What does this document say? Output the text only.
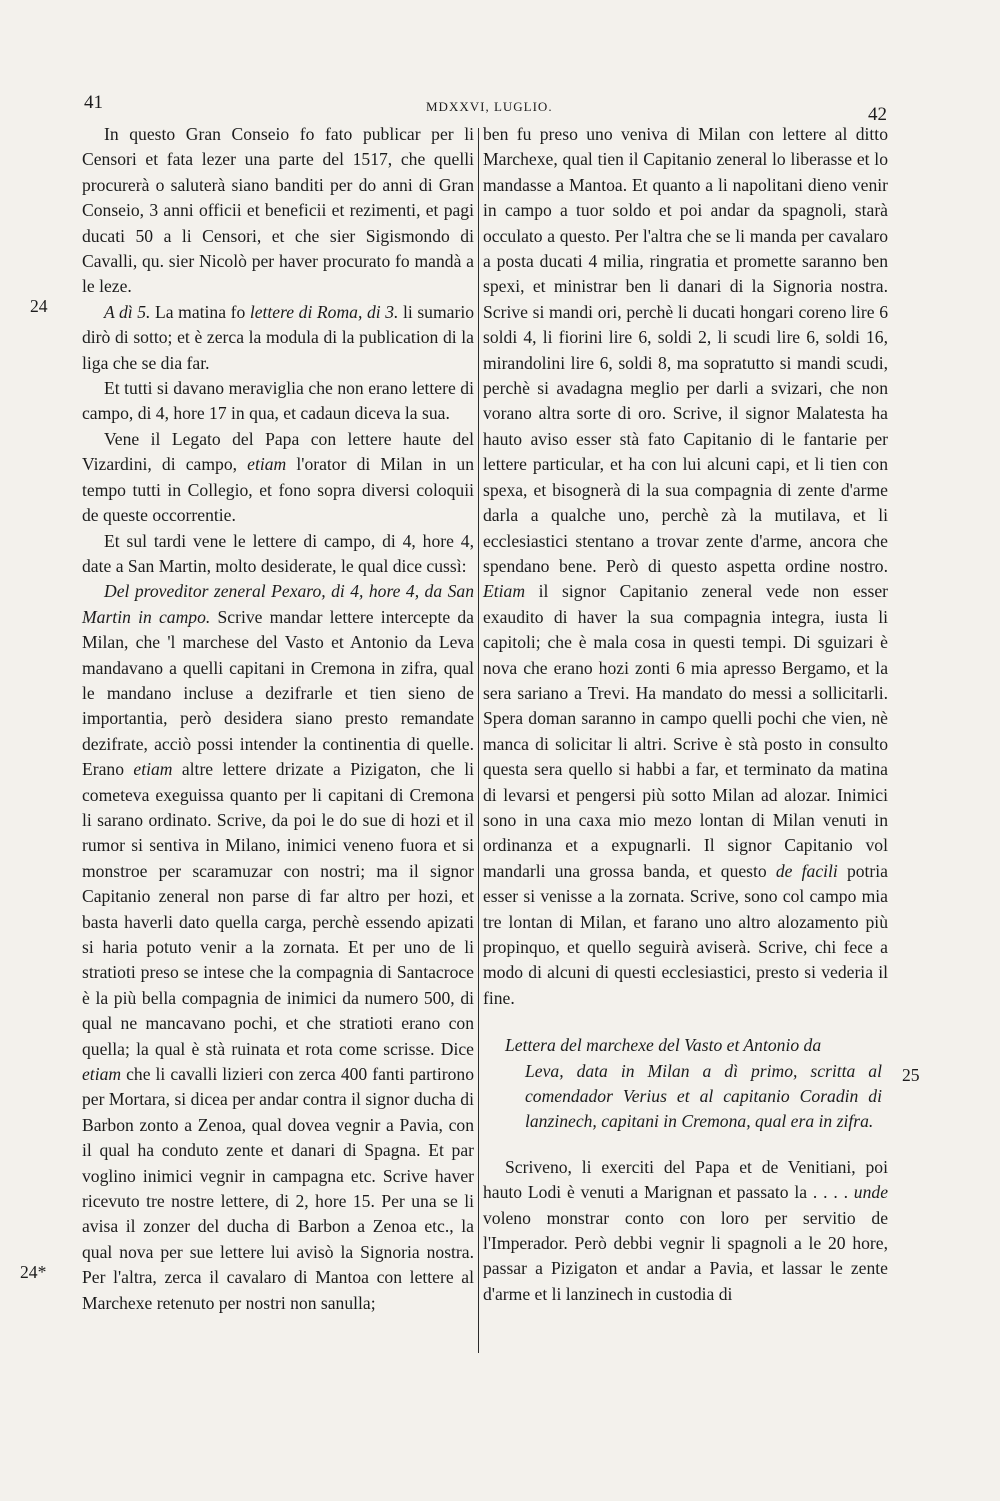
41	MDXXVI, LUGLIO.	42
24
24*
25

In questo Gran Conseio fo fato publicar per li Censori et fata lezer una parte del 1517, che quelli procurerà o saluterà siano banditi per do anni di Gran Conseio, 3 anni officii et beneficii et rezimenti, et pagi ducati 50 a li Censori, et che sier Sigismondo di Cavalli, qu. sier Nicolò per haver procurato fo mandà a le leze.

A dì 5. La matina fo lettere di Roma, di 3. li sumario dirò di sotto; et è zerca la modula di la publication di la liga che se dia far.

Et tutti si davano meraviglia che non erano lettere di campo, di 4, hore 17 in qua, et cadaun diceva la sua.

Vene il Legato del Papa con lettere haute del Vizardini, di campo, etiam l'orator di Milan in un tempo tutti in Collegio, et fono sopra diversi coloquii de queste occorrentie.

Et sul tardi vene le lettere di campo, di 4, hore 4, date a San Martin, molto desiderate, le qual dice cussì:

Del proveditor zeneral Pexaro, di 4, hore 4, da San Martin in campo. Scrive mandar lettere intercepte da Milan, che 'l marchese del Vasto et Antonio da Leva mandavano a quelli capitani in Cremona in zifra, qual le mandano incluse a dezifrarle et tien sieno de importantia, però desidera siano presto remandate dezifrate, acciò possi intender la continentia di quelle. Erano etiam altre lettere drizate a Pizigaton, che li cometeva exeguissa quanto per li capitani di Cremona li sarano ordinato. Scrive, da poi le do sue di hozi et il rumor si sentiva in Milano, inimici veneno fuora et si monstroe per scaramuzar con nostri; ma il signor Capitanio zeneral non parse di far altro per hozi, et basta haverli dato quella carga, perchè essendo apizati si haria potuto venir a la zornata. Et per uno de li stratioti preso se intese che la compagnia di Santacroce è la più bella compagnia de inimici da numero 500, di qual ne mancavano pochi, et che stratioti erano con quella; la qual è stà ruinata et rota come scrisse. Dice etiam che li cavalli lizieri con zerca 400 fanti partirono per Mortara, si dicea per andar contra il signor ducha di Barbon zonto a Zenoa, qual dovea vegnir a Pavia, con il qual ha conduto zente et danari di Spagna. Et par voglino inimici vegnir in campagna etc. Scrive haver ricevuto tre nostre lettere, di 2, hore 15. Per una se li avisa il zonzer del ducha di Barbon a Zenoa etc., la qual nova per sue lettere lui avisò la Signoria nostra. Per l'altra, zerca il cavalaro di Mantoa con lettere al Marchexe retenuto per nostri non sanulla;

ben fu preso uno veniva di Milan con lettere al ditto Marchexe, qual tien il Capitanio zeneral lo liberasse et lo mandasse a Mantoa. Et quanto a li napolitani dieno venir in campo a tuor soldo et poi andar da spagnoli, starà occulato a questo. Per l'altra che se li manda per cavalaro a posta ducati 4 milia, ringratia et promette saranno ben spexi, et ministrar ben li danari di la Signoria nostra. Scrive si mandi ori, perchè li ducati hongari coreno lire 6 soldi 4, li fiorini lire 6, soldi 2, li scudi lire 6, soldi 16, mirandolini lire 6, soldi 8, ma sopratutto si mandi scudi, perchè si avadagna meglio per darli a svizari, che non vorano altra sorte di oro. Scrive, il signor Malatesta ha hauto aviso esser stà fato Capitanio di le fantarie per lettere particular, et ha con lui alcuni capi, et li tien con spexa, et bisognerà di la sua compagnia di zente d'arme darla a qualche uno, perchè zà la mutilava, et li ecclesiastici stentano a trovar zente d'arme, ancora che spendano bene. Però di questo aspetta ordine nostro. Etiam il signor Capitanio zeneral vede non esser exaudito di haver la sua compagnia integra, iusta li capitoli; che è mala cosa in questi tempi. Di sguizari è nova che erano hozi zonti 6 mia apresso Bergamo, et la sera sariano a Trevi. Ha mandato do messi a sollicitarli. Spera doman saranno in campo quelli pochi che vien, nè manca di solicitar li altri. Scrive è stà posto in consulto questa sera quello si habbi a far, et terminato da matina di levarsi et pengersi più sotto Milan ad alozar. Inimici sono in una caxa mio mezo lontan di Milan venuti in ordinanza et a expugnarli. Il signor Capitanio vol mandarli una grossa banda, et questo de facili potria esser si venisse a la zornata. Scrive, sono col campo mia tre lontan di Milan, et farano uno altro alozamento più propinquo, et quello seguirà aviserà. Scrive, chi fece a modo di alcuni di questi ecclesiastici, presto si vederia il fine.

Lettera del marchexe del Vasto et Antonio da
Leva, data in Milan a dì primo, scritta al comendador Verius et al capitanio Coradin di lanzinech, capitani in Cremona, qual era in zifra.

Scriveno, li exerciti del Papa et de Venitiani, poi hauto Lodi è venuti a Marignan et passato la . . . . unde voleno monstrar conto con loro per servitio de l'Imperador. Però debbi vegnir li spagnoli a le 20 hore, passar a Pizigaton et andar a Pavia, et lassar le zente d'arme et li lanzinech in custodia di
